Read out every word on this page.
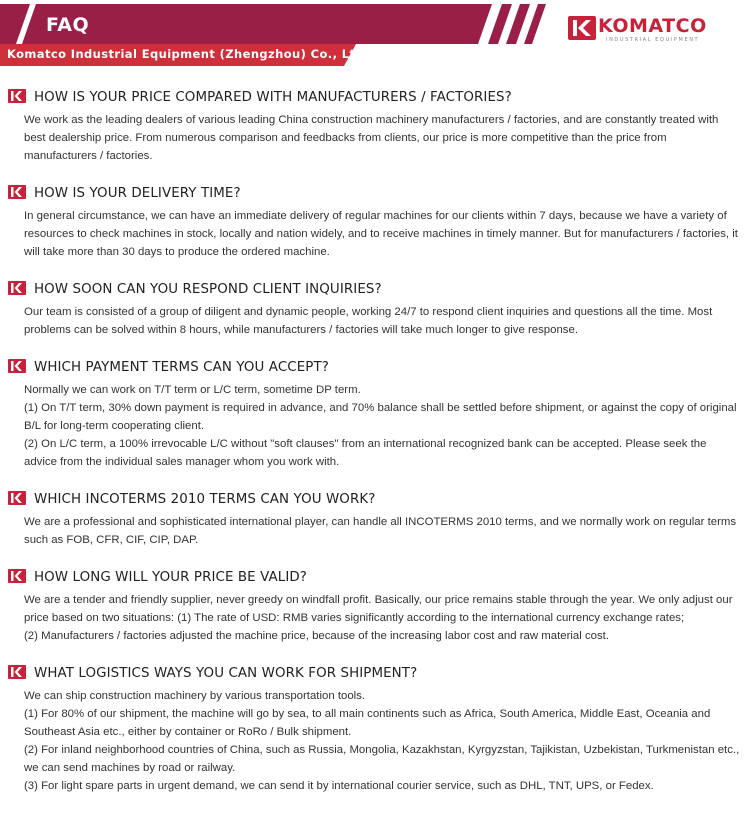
FAQ
Komatco Industrial Equipment (Zhengzhou) Co., Ltd.
KOMATCO
INDUSTRIAL EQUIPMENT
HOW IS YOUR PRICE COMPARED WITH MANUFACTURERS / FACTORIES?
We work as the leading dealers of various leading China construction machinery manufacturers / factories, and are constantly treated with best dealership price. From numerous comparison and feedbacks from clients, our price is more competitive than the price from manufacturers / factories.
HOW IS YOUR DELIVERY TIME?
In general circumstance, we can have an immediate delivery of regular machines for our clients within 7 days, because we have a variety of resources to check machines in stock, locally and nation widely, and to receive machines in timely manner. But for manufacturers / factories, it will take more than 30 days to produce the ordered machine.
HOW SOON CAN YOU RESPOND CLIENT INQUIRIES?
Our team is consisted of a group of diligent and dynamic people, working 24/7 to respond client inquiries and questions all the time. Most problems can be solved within 8 hours, while manufacturers / factories will take much longer to give response.
WHICH PAYMENT TERMS CAN YOU ACCEPT?
Normally we can work on T/T term or L/C term, sometime DP term.
(1) On T/T term, 30% down payment is required in advance, and 70% balance shall be settled before shipment, or against the copy of original B/L for long-term cooperating client.
(2) On L/C term, a 100% irrevocable L/C without "soft clauses" from an international recognized bank can be accepted. Please seek the advice from the individual sales manager whom you work with.
WHICH INCOTERMS 2010 TERMS CAN YOU WORK?
We are a professional and sophisticated international player, can handle all INCOTERMS 2010 terms, and we normally work on regular terms such as FOB, CFR, CIF, CIP, DAP.
HOW LONG WILL YOUR PRICE BE VALID?
We are a tender and friendly supplier, never greedy on windfall profit. Basically, our price remains stable through the year. We only adjust our price based on two situations: (1) The rate of USD: RMB varies significantly according to the international currency exchange rates;
(2) Manufacturers / factories adjusted the machine price, because of the increasing labor cost and raw material cost.
WHAT LOGISTICS WAYS YOU CAN WORK FOR SHIPMENT?
We can ship construction machinery by various transportation tools.
(1) For 80% of our shipment, the machine will go by sea, to all main continents such as Africa, South America, Middle East, Oceania and Southeast Asia etc., either by container or RoRo / Bulk shipment.
(2) For inland neighborhood countries of China, such as Russia, Mongolia, Kazakhstan, Kyrgyzstan, Tajikistan, Uzbekistan, Turkmenistan etc., we can send machines by road or railway.
(3) For light spare parts in urgent demand, we can send it by international courier service, such as DHL, TNT, UPS, or Fedex.
